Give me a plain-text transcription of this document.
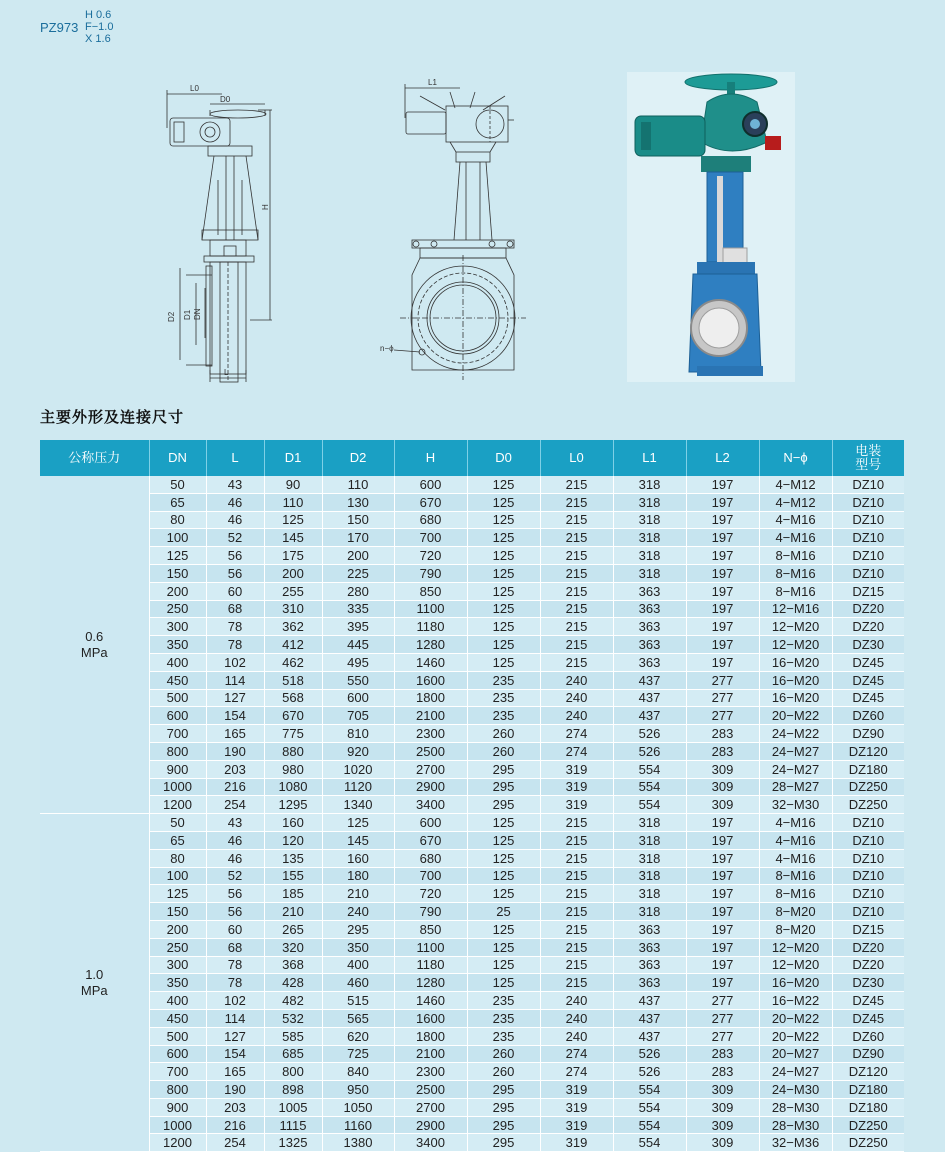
PZ973
H 0.6
F−1.0
X 1.6
L0
D0
D2 D1 DN
H
L
L1
n−ϕ
主要外形及连接尺寸
公称压力	DN	L	D1	D2	H	D0	L0	L1	L2	N−ϕ	电装
型号
0.6
MPa	50	43	90	110	600	125	215	318	197	4−M12	DZ10
	65	46	110	130	670	125	215	318	197	4−M12	DZ10
	80	46	125	150	680	125	215	318	197	4−M16	DZ10
	100	52	145	170	700	125	215	318	197	4−M16	DZ10
	125	56	175	200	720	125	215	318	197	8−M16	DZ10
	150	56	200	225	790	125	215	318	197	8−M16	DZ10
	200	60	255	280	850	125	215	363	197	8−M16	DZ15
	250	68	310	335	1100	125	215	363	197	12−M16	DZ20
	300	78	362	395	1180	125	215	363	197	12−M20	DZ20
	350	78	412	445	1280	125	215	363	197	12−M20	DZ30
	400	102	462	495	1460	125	215	363	197	16−M20	DZ45
	450	114	518	550	1600	235	240	437	277	16−M20	DZ45
	500	127	568	600	1800	235	240	437	277	16−M20	DZ45
	600	154	670	705	2100	235	240	437	277	20−M22	DZ60
	700	165	775	810	2300	260	274	526	283	24−M22	DZ90
	800	190	880	920	2500	260	274	526	283	24−M27	DZ120
	900	203	980	1020	2700	295	319	554	309	24−M27	DZ180
	1000	216	1080	1120	2900	295	319	554	309	28−M27	DZ250
	1200	254	1295	1340	3400	295	319	554	309	32−M30	DZ250
1.0
MPa	50	43	160	125	600	125	215	318	197	4−M16	DZ10
	65	46	120	145	670	125	215	318	197	4−M16	DZ10
	80	46	135	160	680	125	215	318	197	4−M16	DZ10
	100	52	155	180	700	125	215	318	197	8−M16	DZ10
	125	56	185	210	720	125	215	318	197	8−M16	DZ10
	150	56	210	240	790	25	215	318	197	8−M20	DZ10
	200	60	265	295	850	125	215	363	197	8−M20	DZ15
	250	68	320	350	1100	125	215	363	197	12−M20	DZ20
	300	78	368	400	1180	125	215	363	197	12−M20	DZ20
	350	78	428	460	1280	125	215	363	197	16−M20	DZ30
	400	102	482	515	1460	235	240	437	277	16−M22	DZ45
	450	114	532	565	1600	235	240	437	277	20−M22	DZ45
	500	127	585	620	1800	235	240	437	277	20−M22	DZ60
	600	154	685	725	2100	260	274	526	283	20−M27	DZ90
	700	165	800	840	2300	260	274	526	283	24−M27	DZ120
	800	190	898	950	2500	295	319	554	309	24−M30	DZ180
	900	203	1005	1050	2700	295	319	554	309	28−M30	DZ180
	1000	216	1115	1160	2900	295	319	554	309	28−M30	DZ250
	1200	254	1325	1380	3400	295	319	554	309	32−M36	DZ250
